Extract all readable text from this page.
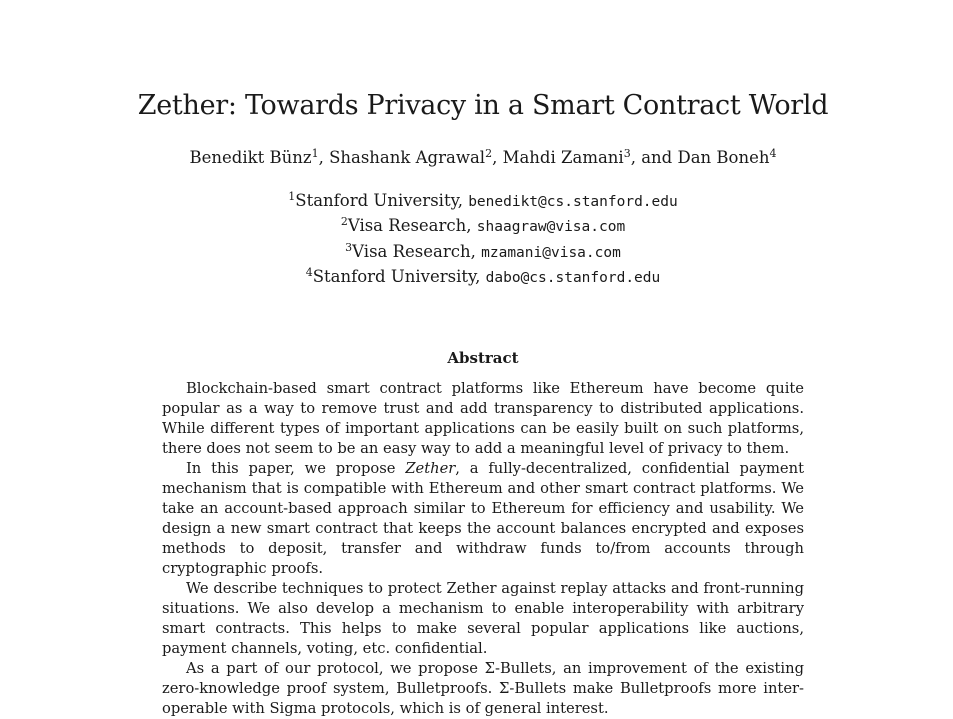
Zether: Towards Privacy in a Smart Contract World
Benedikt Bünz$^1$, Shashank Agrawal$^2$, Mahdi Zamani$^3$, and Dan Boneh$^4$
$^1$Stanford University, benedikt@cs.stanford.edu
$^2$Visa Research, shaagraw@visa.com
$^3$Visa Research, mzamani@visa.com
$^4$Stanford University, dabo@cs.stanford.edu
Abstract

Blockchain-based smart contract platforms like Ethereum have become quite popular as a way to remove trust and add transparency to distributed applications. While different types of important applications can be easily built on such platforms, there does not seem to be an easy way to add a meaningful level of privacy to them.

In this paper, we propose Zether, a fully-decentralized, confidential payment mechanism that is compatible with Ethereum and other smart contract platforms. We take an account-based approach similar to Ethereum for efficiency and usability. We design a new smart contract that keeps the account balances encrypted and exposes methods to deposit, transfer and withdraw funds to/from accounts through cryptographic proofs.

We describe techniques to protect Zether against replay attacks and front-running situations. We also develop a mechanism to enable interoperability with arbitrary smart contracts. This helps to make several popular applications like auctions, payment channels, voting, etc. confidential.

As a part of our protocol, we propose Σ-Bullets, an improvement of the existing zero-knowledge proof system, Bulletproofs. Σ-Bullets make Bulletproofs more inter-operable with Sigma protocols, which is of general interest.
